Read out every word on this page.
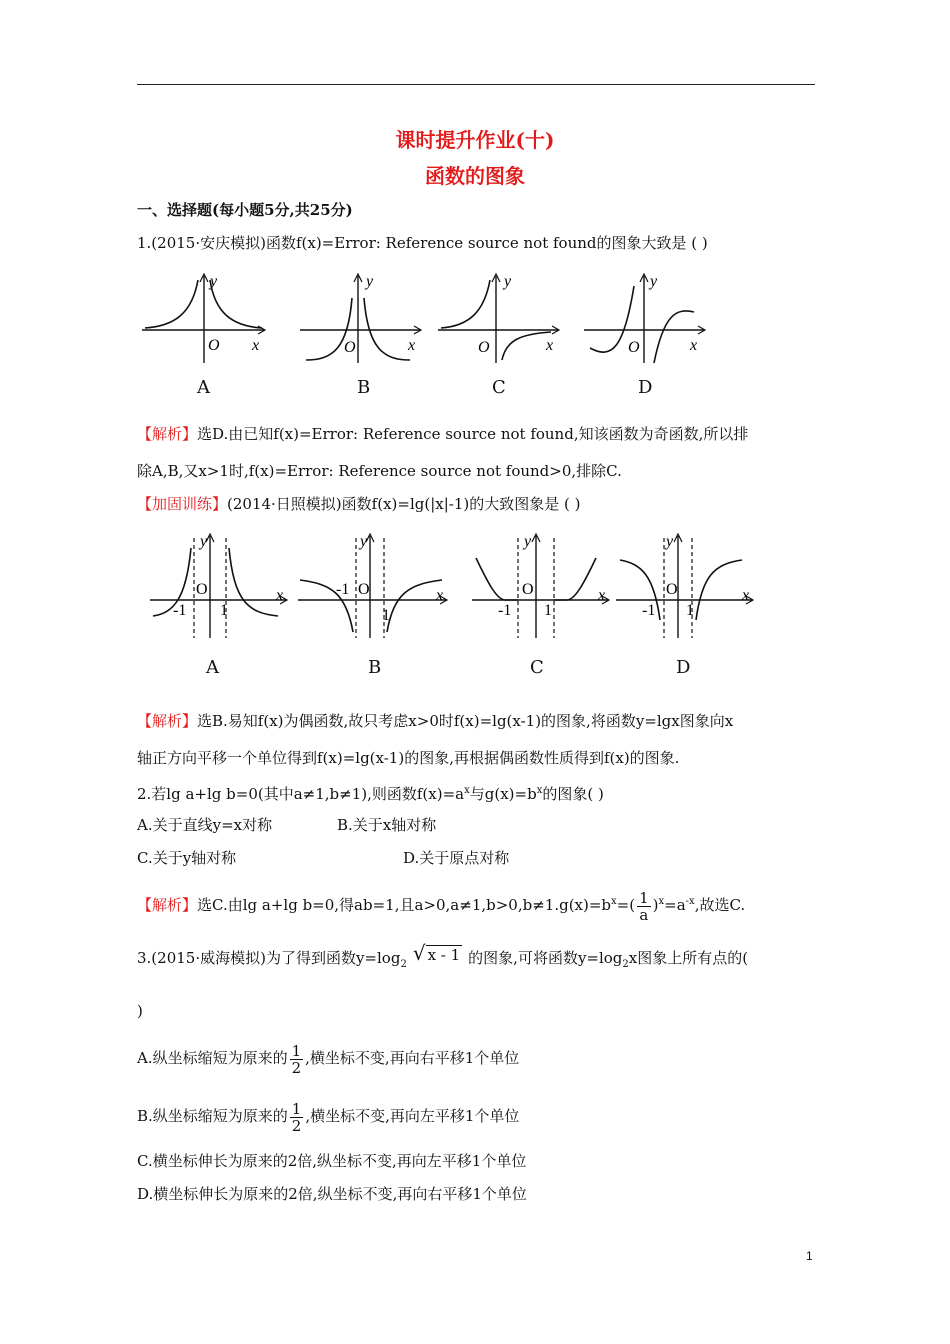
课时提升作业(十)
函数的图象
一、选择题(每小题5分,共25分)
1.(2015·安庆模拟)函数f(x)=Error: Reference source not found的图象大致是 ( )
O x
y
A
O	x
y
B
O	x
y
C
O	x
y
D
【解析】选D.由已知f(x)=Error: Reference source not found,知该函数为奇函数,所以排
除A,B,又x>1时,f(x)=Error: Reference source not found>0,排除C.
【加固训练】(2014·日照模拟)函数f(x)=lg(|x|-1)的大致图象是 ( )
O
-1 1
x
y
A
O
-1
1
x
y
B
O
-1 1
x
y
C
O
-1 1
x
y
D
【解析】选B.易知f(x)为偶函数,故只考虑x>0时f(x)=lg(x-1)的图象,将函数y=lgx图象向x
轴正方向平移一个单位得到f(x)=lg(x-1)的图象,再根据偶函数性质得到f(x)的图象.
2.若lg a+lg b=0(其中a≠1,b≠1),则函数$f(x)=a^x$与$g(x)=b^x$的图象( )
A.关于直线y=x对称	B.关于x轴对称
C.关于y轴对称	D.关于原点对称
【解析】选C.由lg a+lg b=0,得ab=1,且$a>0,a\ne 1,b>0,b\ne 1.g(x)=b^x=( \frac{1}{a} )^x=a^{-x}$,故选C.
3.(2015·威海模拟)为了得到函数$y=\log_2$ √ x - 1 的图象,可将函数$y=\log_2x$图象上所有点的(
)
A.纵坐标缩短为原来的 $\frac{1}{2}$ ,横坐标不变,再向右平移1个单位
B.纵坐标缩短为原来的 $\frac{1}{2}$ ,横坐标不变,再向左平移1个单位
C.横坐标伸长为原来的2倍,纵坐标不变,再向左平移1个单位
D.横坐标伸长为原来的2倍,纵坐标不变,再向右平移1个单位
1
